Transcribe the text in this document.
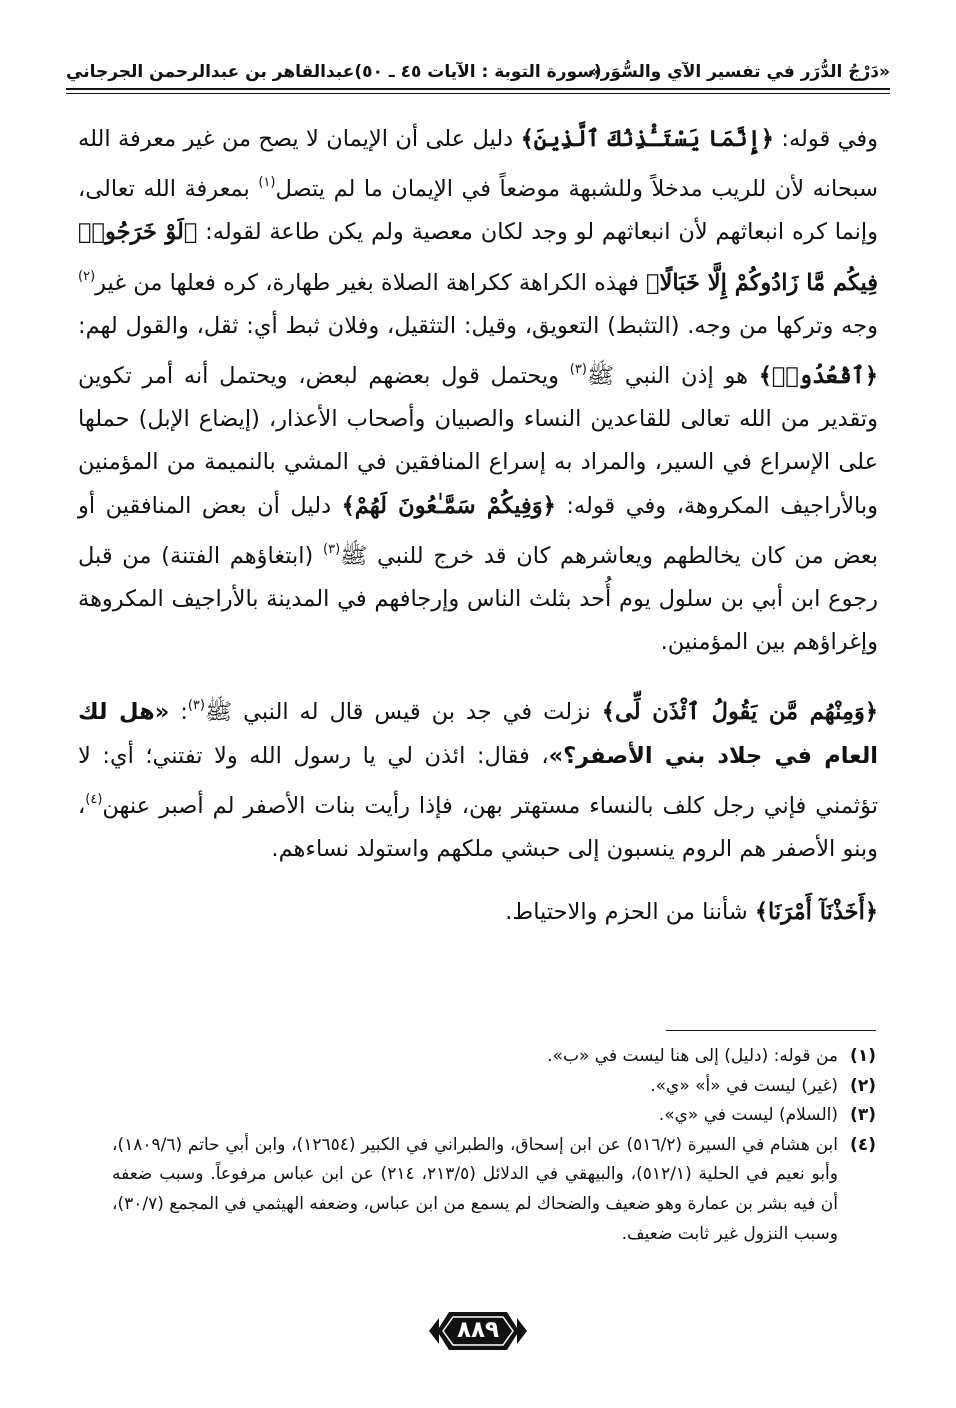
«دَرْجُ الدُّرَر في تفسير الآي والسُّوَر»
(سورة التوبة : الآيات ٤٥ ـ ٥٠)
عبدالقاهر بن عبدالرحمن الجرجاني

وفي قوله: ﴿إِنَّمَا يَسْتَـْٔذِنُكَ ٱلَّذِينَ﴾ دليل على أن الإيمان لا يصح من غير معرفة الله سبحانه لأن للريب مدخلاً وللشبهة موضعاً في الإيمان ما لم يتصل$^{(١)}$ بمعرفة الله تعالى، وإنما كره انبعاثهم لأن انبعاثهم لو وجد لكان معصية ولم يكن طاعة لقوله: ﴿لَوْ خَرَجُوا۟ فِيكُم مَّا زَادُوكُمْ إِلَّا خَبَالًا﴾ فهذه الكراهة ككراهة الصلاة بغير طهارة، كره فعلها من غير$^{(٢)}$ وجه وتركها من وجه. (التثبط) التعويق، وقيل: التثقيل، وفلان ثبط أي: ثقل، والقول لهم: ﴿ٱقْعُدُوا۟﴾ هو إذن النبي ﷺ$^{(٣)}$ ويحتمل قول بعضهم لبعض، ويحتمل أنه أمر تكوين وتقدير من الله تعالى للقاعدين النساء والصبيان وأصحاب الأعذار، (إيضاع الإبل) حملها على الإسراع في السير، والمراد به إسراع المنافقين في المشي بالنميمة من المؤمنين وبالأراجيف المكروهة، وفي قوله: ﴿وَفِيكُمْ سَمَّـٰعُونَ لَهُمْ﴾ دليل أن بعض المنافقين أو بعض من كان يخالطهم ويعاشرهم كان قد خرج للنبي ﷺ$^{(٣)}$ (ابتغاؤهم الفتنة) من قبل رجوع ابن أبي بن سلول يوم أُحد بثلث الناس وإرجافهم في المدينة بالأراجيف المكروهة وإغراؤهم بين المؤمنين.

﴿وَمِنْهُم مَّن يَقُولُ ٱئْذَن لِّى﴾ نزلت في جد بن قيس قال له النبي ﷺ$^{(٣)}$: «هل لك العام في جلاد بني الأصفر؟»، فقال: ائذن لي يا رسول الله ولا تفتني؛ أي: لا تؤثمني فإني رجل كلف بالنساء مستهتر بهن، فإذا رأيت بنات الأصفر لم أصبر عنهن$^{(٤)}$، وبنو الأصفر هم الروم ينسبون إلى حبشي ملكهم واستولد نساءهم.

﴿أَخَذْنَآ أَمْرَنَا﴾ شأننا من الحزم والاحتياط.

(١)
من قوله: (دليل) إلى هنا ليست في «ب».
(٢)
(غير) ليست في «أ» «ي».
(٣)
(السلام) ليست في «ي».
(٤)
ابن هشام في السيرة (٥١٦/٢) عن ابن إسحاق، والطبراني في الكبير (١٢٦٥٤)، وابن أبي حاتم (١٨٠٩/٦)، وأبو نعيم في الحلية (٥١٢/١)، والبيهقي في الدلائل (٢١٣/٥، ٢١٤) عن ابن عباس مرفوعاً. وسبب ضعفه أن فيه بشر بن عمارة وهو ضعيف والضحاك لم يسمع من ابن عباس، وضعفه الهيثمي في المجمع (٣٠/٧)، وسبب النزول غير ثابت ضعيف.
٨٨٩
